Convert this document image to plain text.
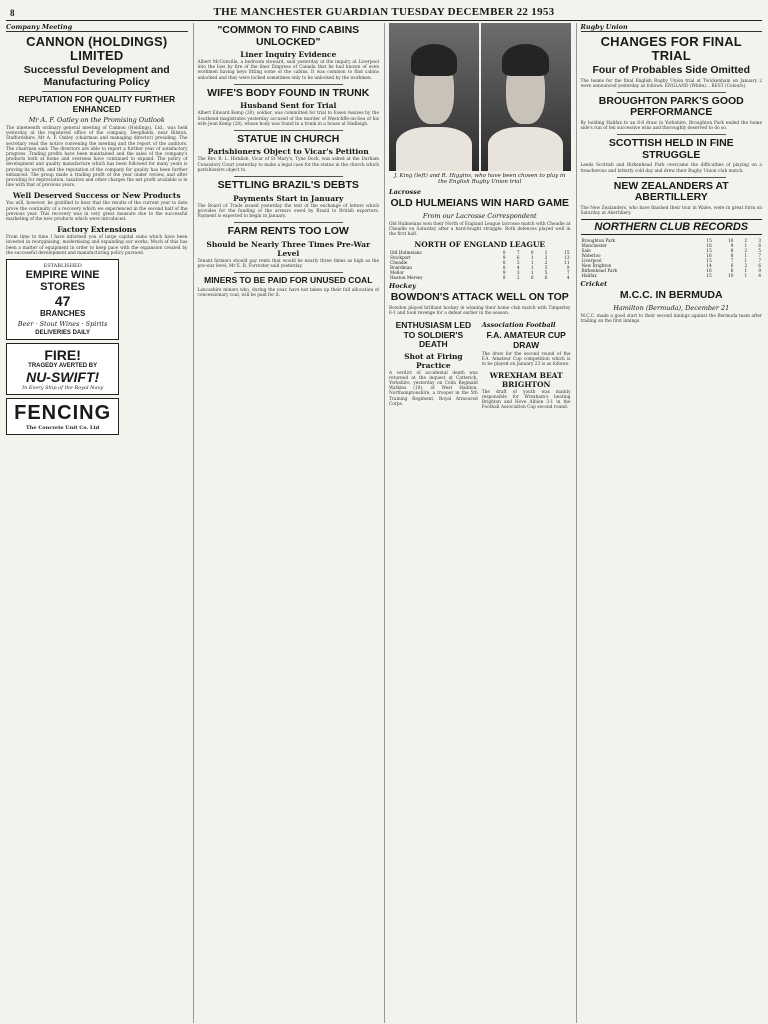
8	THE MANCHESTER GUARDIAN TUESDAY DECEMBER 22 1953
Company Meeting
CANNON (HOLDINGS) LIMITED
Successful Development and Manufacturing Policy
REPUTATION FOR QUALITY FURTHER ENHANCED
Mr A. F. Oatley on the Promising Outlook
The nineteenth ordinary general meeting of Cannon (Holdings), Ltd., was held yesterday at the registered office of the company, Deepfields, near Bilston, Staffordshire, Mr A. F. Oatley (chairman and managing director) presiding. The secretary read the notice convening the meeting and the report of the auditors. The chairman said: The directors are able to report a further year of satisfactory progress. Trading profits have been maintained and the sales of the company's products both at home and overseas have continued to expand. The policy of development and quality manufacture which has been followed for many years is proving its worth, and the reputation of the company for quality has been further enhanced. The group made a trading profit of the year under review, and after providing for depreciation, taxation and other charges the net profit available is in line with that of previous years.
Well Deserved Success or New Products
You will, however, be gratified to hear that the results of the current year to date prove the continuity of a recovery which we experienced in the second half of the previous year. This recovery was in very great measure due to the successful marketing of the new products which were introduced.
Factory Extensions
From time to time I have informed you of large capital sums which have been invested in reorganising, modernising and expanding our works. Much of this has been a matter of equipment in order to keep pace with the expansion created by the successful development and manufacturing policy pursued.
ESTABLISHED
EMPIRE WINE STORES
47
BRANCHES
Beer · Stout Wines · Spirits
DELIVERIES DAILY
FIRE!
TRAGEDY AVERTED BY
NU-SWIFT!
In Every Ship of the Royal Navy
FENCING
The Concrete Unit Co. Ltd
"COMMON TO FIND CABINS UNLOCKED"
Liner Inquiry Evidence
Albert McConville, a bedroom steward, said yesterday at the inquiry at Liverpool into the loss by fire of the liner Empress of Canada that he had known of even workmen having keys fitting some of the cabins. It was common to find cabins unlocked and they were locked sometimes only to be unlocked by the workmen.
WIFE'S BODY FOUND IN TRUNK
Husband Sent for Trial
Albert Edward Kemp (30), soldier, was committed for trial to Essex Assizes by the Southend magistrates yesterday accused of the murder of Westcliffe-on-Sea of his wife Jean Kemp (28), whose body was found in a trunk in a house at Hadleigh.
STATUE IN CHURCH
Parishioners Object to Vicar's Petition
The Rev. R. L. Hicklish, Vicar of St Mary's, Tyne Dock, was asked at the Durham Consistory Court yesterday to make a legal case for the statue in the church which parishioners object to.
SETTLING BRAZIL'S DEBTS
Payments Start in January
The Board of Trade issued yesterday the text of the exchange of letters which provides for the funding of the arrears owed by Brazil to British exporters. Payment is expected to begin in January.
FARM RENTS TOO LOW
Should be Nearly Three Times Pre-War Level
Tenant farmers should pay rents that would be nearly three times as high as the pre-war level, Mr E. R. Forrester said yesterday.
MINERS TO BE PAID FOR UNUSED COAL
Lancashire miners who, during the year, have not taken up their full allocation of concessionary coal, will be paid for it.
J. King (left) and R. Higgins, who have been chosen to play in the English Rugby Union trial
Lacrosse
OLD HULMEIANS WIN HARD GAME
From our Lacrosse Correspondent
Old Hulmeians won their North of England League lacrosse match with Cheadle at Cheadle on Saturday after a hard-fought struggle. Both defences played well in the first half.
NORTH OF ENGLAND LEAGUE
Old Hulmeians	8	7	0	1	15
Stockport	9	6	1	2	13
Cheadle	8	5	1	2	11
Boardman	8	4	1	3	9
Mellor	9	3	1	5	7
Heaton Mersey	8	2	0	6	4
Hockey
BOWDON'S ATTACK WELL ON TOP
Bowdon played brilliant hockey in winning their home club match with Timperley 6-1 and took revenge for a defeat earlier in the season.
ENTHUSIASM LED TO SOLDIER'S DEATH
Shot at Firing Practice
A verdict of accidental death was returned at the inquest at Catterick, Yorkshire, yesterday on Colin Reginald Watkins (19), of West Haddon, Northamptonshire, a trooper in the 5th Training Regiment, Royal Armoured Corps.
Association Football
F.A. AMATEUR CUP DRAW
The draw for the second round of the F.A. Amateur Cup competition which is to be played on January 23 is as follows.
WREXHAM BEAT BRIGHTON
The draft of youth was mainly responsible for Wrexham's beating Brighton and Hove Albion 3-1 in the Football Association Cup second round.
Rugby Union
CHANGES FOR FINAL TRIAL
Four of Probables Side Omitted
The teams for the final English Rugby Union trial at Twickenham on January 2 were announced yesterday as follows: ENGLAND (White)... REST (Colours).
BROUGHTON PARK'S GOOD PERFORMANCE
By holding Halifax to an 8-8 draw in Yorkshire, Broughton Park ended the home side's run of ten successive wins and thoroughly deserved to do so.
SCOTTISH HELD IN FINE STRUGGLE
Leeds Scottish and Birkenhead Park overcame the difficulties of playing on a treacherous and bitterly cold day and drew their Rugby Union club match.
NEW ZEALANDERS AT ABERTILLERY
The New Zealanders, who have finished their tour in Wales, were in great form on Saturday at Abertillery.
NORTHERN CLUB RECORDS
Broughton Park	15	10	2	3
Manchester	16	9	1	6
Sale	15	8	2	5
Waterloo	16	8	1	7
Liverpool	15	7	1	7
New Brighton	14	6	2	6
Birkenhead Park	16	6	1	9
Halifax	15	10	1	4
Cricket
M.C.C. IN BERMUDA
Hamilton (Bermuda), December 21
M.C.C. made a good start to their second innings against the Bermuda team after trailing on the first innings.
